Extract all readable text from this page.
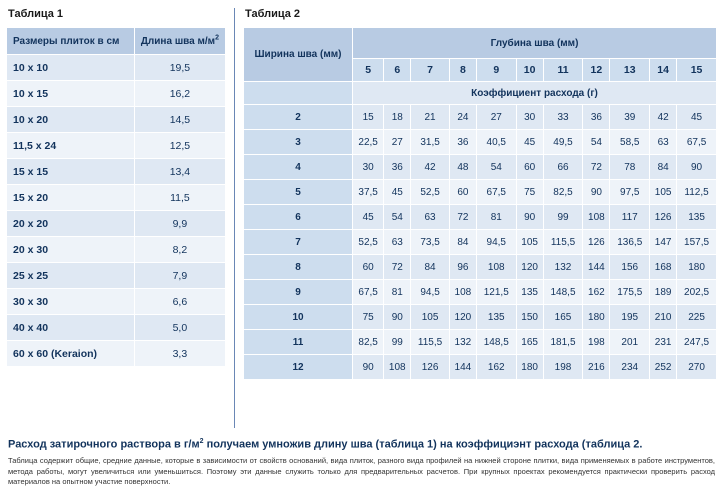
Таблица 1
Размеры плиток в см	Длина шва $м/м^2$
10 х 10	19,5
10 х 15	16,2
10 х 20	14,5
11,5 х 24	12,5
15 х 15	13,4
15 х 20	11,5
20 х 20	9,9
20 х 30	8,2
25 х 25	7,9
30 х 30	6,6
40 х 40	5,0
60 х 60 (Keraion)	3,3
Таблица 2
Ширина шва (мм)	Глубина шва (мм)										
	5	6	7	8	9	10	11	12	13	14	15
	Коэффициент расхода (г)										
2	15	18	21	24	27	30	33	36	39	42	45
3	22,5	27	31,5	36	40,5	45	49,5	54	58,5	63	67,5
4	30	36	42	48	54	60	66	72	78	84	90
5	37,5	45	52,5	60	67,5	75	82,5	90	97,5	105	112,5
6	45	54	63	72	81	90	99	108	117	126	135
7	52,5	63	73,5	84	94,5	105	115,5	126	136,5	147	157,5
8	60	72	84	96	108	120	132	144	156	168	180
9	67,5	81	94,5	108	121,5	135	148,5	162	175,5	189	202,5
10	75	90	105	120	135	150	165	180	195	210	225
11	82,5	99	115,5	132	148,5	165	181,5	198	201	231	247,5
12	90	108	126	144	162	180	198	216	234	252	270
Расход затирочного раствора в $г/м^2$ получаем умножив длину шва (таблица 1) на коэффициэнт расхода (таблица 2.
Таблица содержит общие, средние данные, которые в зависимости от свойств оснований, вида плиток, разного вида профилей на нижней стороне плитки, вида применяемых в работе инструментов, метода работы, могут увеличиться или уменьшиться. Поэтому эти данные служить только для предварительных расчетов. При крупных проектах рекомендуется практически проверить расход материалов на опытном участие поверхности.
